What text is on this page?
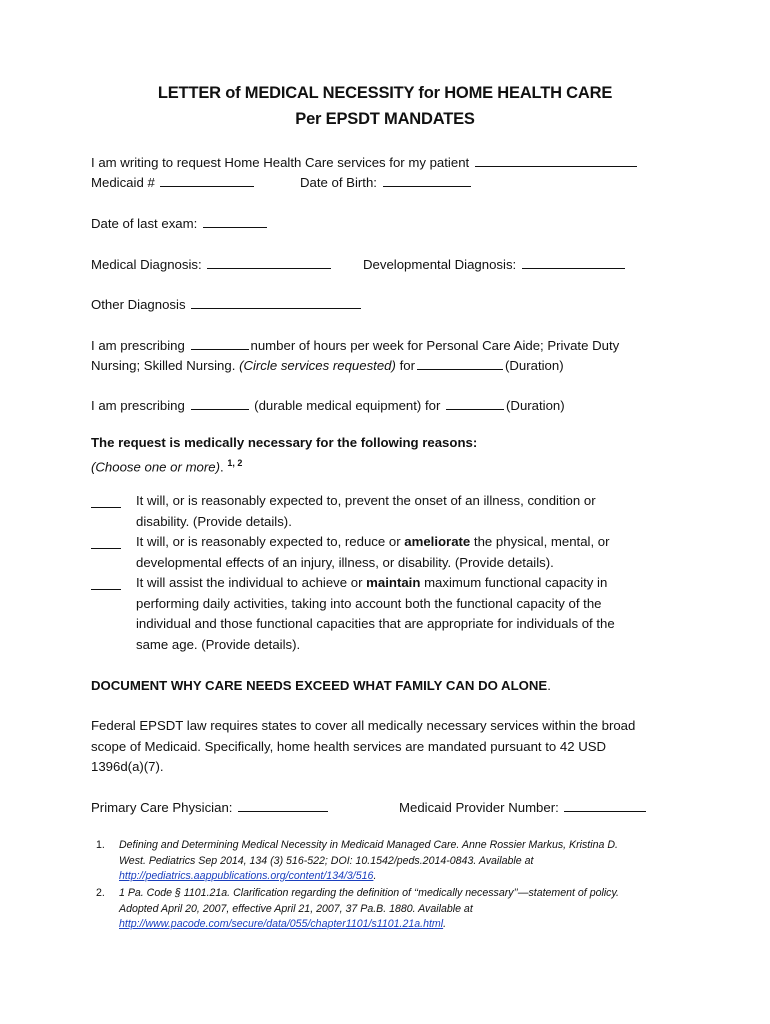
LETTER of MEDICAL NECESSITY for HOME HEALTH CARE
Per EPSDT MANDATES
I am writing to request Home Health Care services for my patient
Medicaid #	Date of Birth:
Date of last exam:
Medical Diagnosis:	Developmental Diagnosis:
Other Diagnosis
I am prescribing	number of hours per week for Personal Care Aide; Private Duty
Nursing; Skilled Nursing. (Circle services requested) for	(Duration)
I am prescribing	(durable medical equipment) for	(Duration)
The request is medically necessary for the following reasons:
(Choose one or more). $^{1, 2}$
It will, or is reasonably expected to, prevent the onset of an illness, condition or
disability. (Provide details).
It will, or is reasonably expected to, reduce or ameliorate the physical, mental, or
developmental effects of an injury, illness, or disability. (Provide details).
It will assist the individual to achieve or maintain maximum functional capacity in
performing daily activities, taking into account both the functional capacity of the
individual and those functional capacities that are appropriate for individuals of the
same age. (Provide details).
DOCUMENT WHY CARE NEEDS EXCEED WHAT FAMILY CAN DO ALONE.
Federal EPSDT law requires states to cover all medically necessary services within the broad
scope of Medicaid. Specifically, home health services are mandated pursuant to 42 USD
1396d(a)(7).
Primary Care Physician:	Medicaid Provider Number:
1. Defining and Determining Medical Necessity in Medicaid Managed Care. Anne Rossier Markus, Kristina D.
West. Pediatrics Sep 2014, 134 (3) 516-522; DOI: 10.1542/peds.2014-0843. Available at
http://pediatrics.aappublications.org/content/134/3/516.
2. 1 Pa. Code § 1101.21a. Clarification regarding the definition of ‘‘medically necessary’’—statement of policy.
Adopted April 20, 2007, effective April 21, 2007, 37 Pa.B. 1880. Available at
http://www.pacode.com/secure/data/055/chapter1101/s1101.21a.html.
